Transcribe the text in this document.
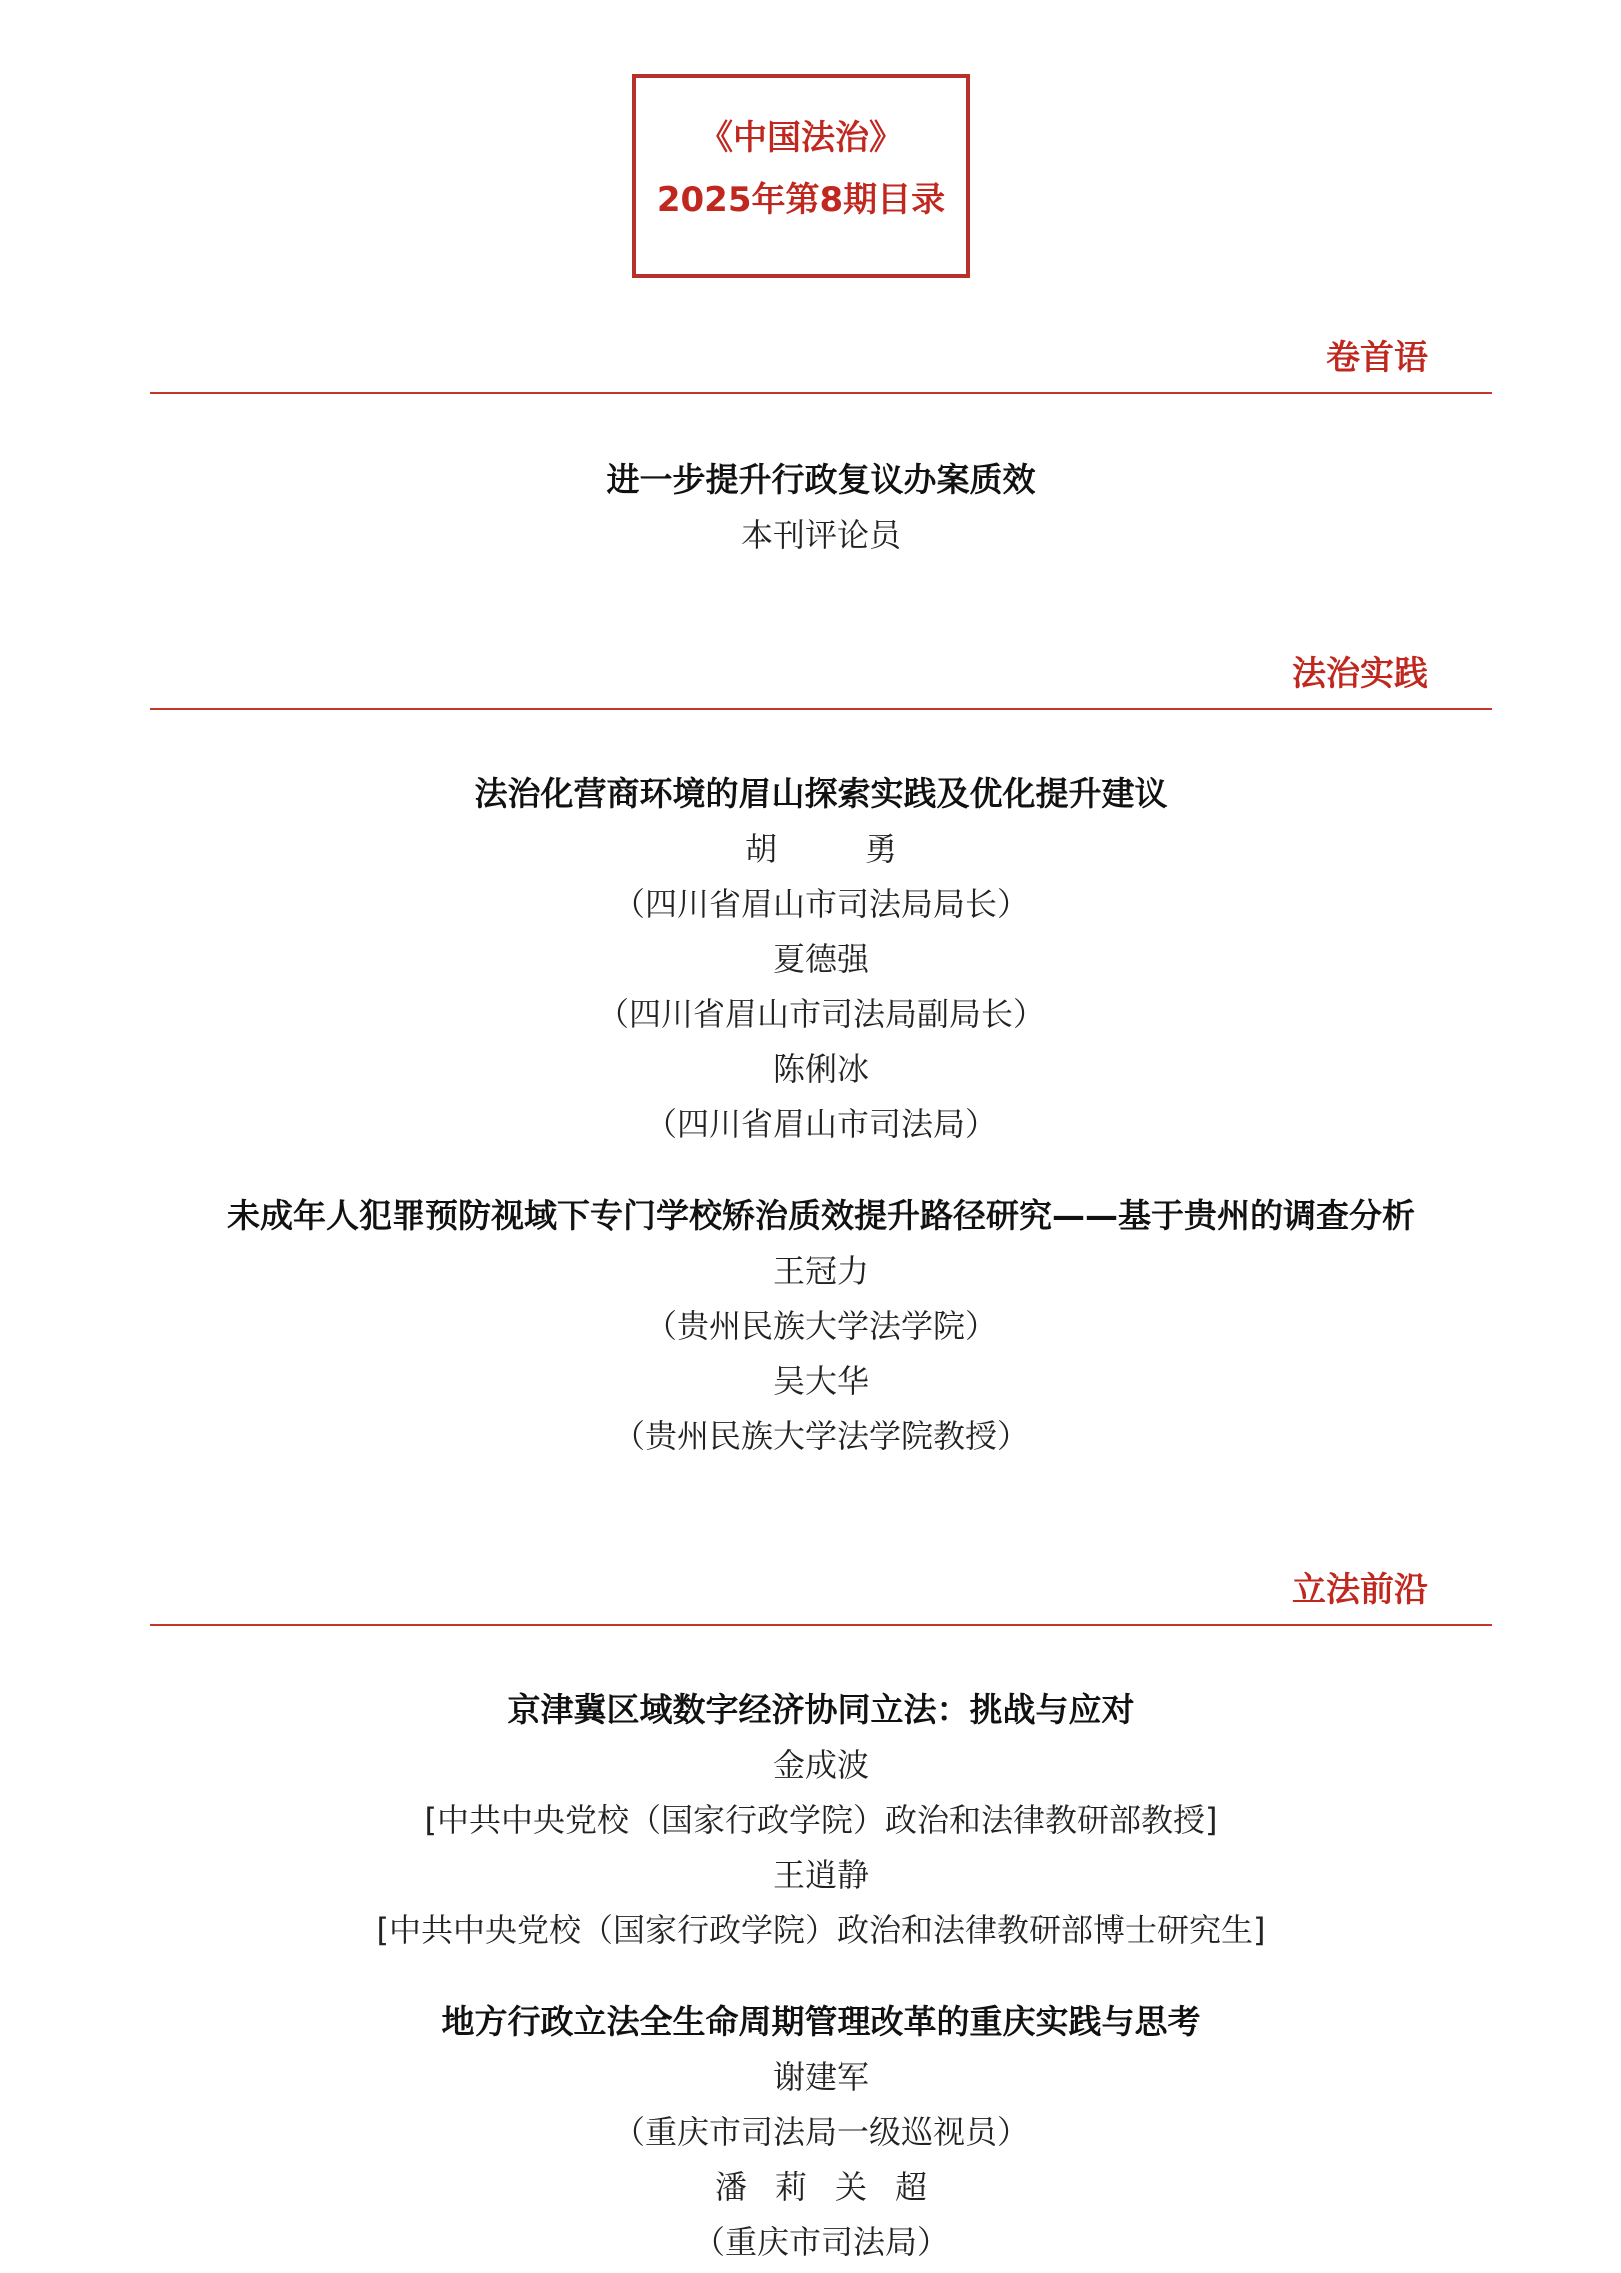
《中国法治》
2025年第8期目录
卷首语
进一步提升行政复议办案质效
本刊评论员
法治实践
法治化营商环境的眉山探索实践及优化提升建议
胡　勇
（四川省眉山市司法局局长）
夏德强
（四川省眉山市司法局副局长）
陈俐冰
（四川省眉山市司法局）
未成年人犯罪预防视域下专门学校矫治质效提升路径研究——基于贵州的调查分析
王冠力
（贵州民族大学法学院）
吴大华
（贵州民族大学法学院教授）
立法前沿
京津冀区域数字经济协同立法：挑战与应对
金成波
[中共中央党校（国家行政学院）政治和法律教研部教授]
王逍静
[中共中央党校（国家行政学院）政治和法律教研部博士研究生]
地方行政立法全生命周期管理改革的重庆实践与思考
谢建军
（重庆市司法局一级巡视员）
潘莉关超
（重庆市司法局）
